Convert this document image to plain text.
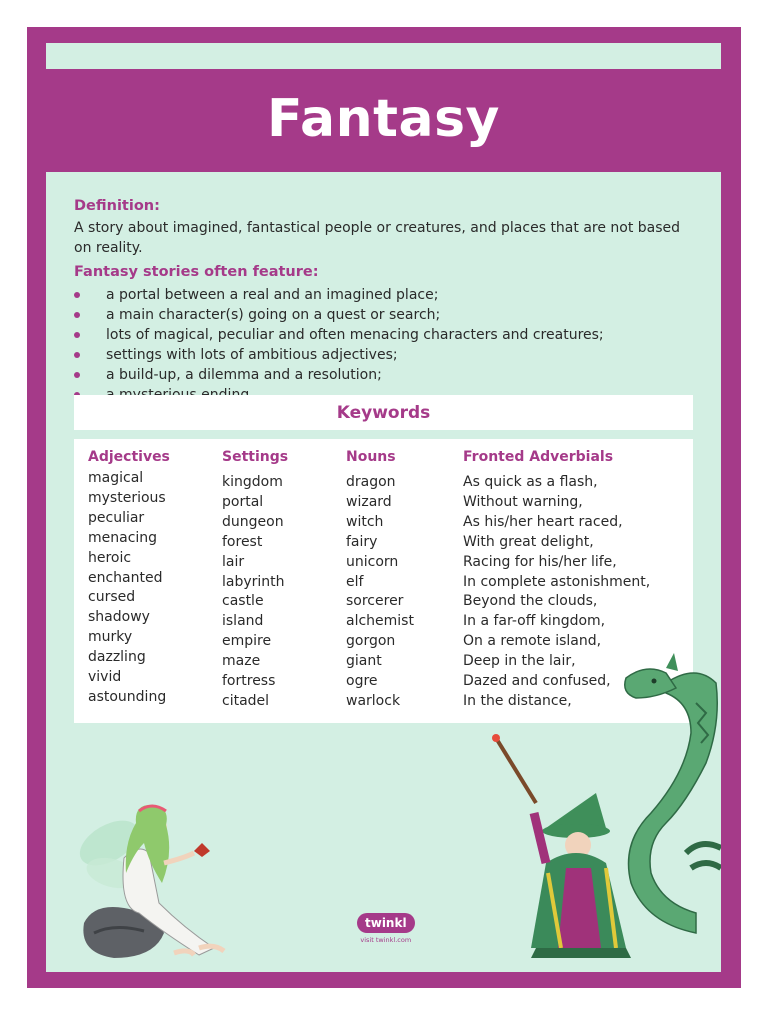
Fantasy
Definition:
A story about imagined, fantastical people or creatures, and places that are not based on reality.
Fantasy stories often feature:
a portal between a real and an imagined place;
a main character(s) going on a quest or search;
lots of magical, peculiar and often menacing characters and creatures;
settings with lots of ambitious adjectives;
a build-up, a dilemma and a resolution;
Keywords
Adjectives
magical
mysterious
peculiar
menacing
heroic
enchanted
cursed
shadowy
murky
dazzling
vivid
astounding
Settings
kingdom
portal
dungeon
forest
lair
labyrinth
castle
island
empire
maze
fortress
citadel
Nouns
dragon
wizard
witch
fairy
unicorn
elf
sorcerer
alchemist
gorgon
giant
ogre
warlock
Fronted Adverbials
As quick as a flash,
Without warning,
As his/her heart raced,
With great delight,
Racing for his/her life,
In complete astonishment,
Beyond the clouds,
In a far-off kingdom,
On a remote island,
Deep in the lair,
Dazed and confused,
In the distance,
twinkl
visit twinkl.com
